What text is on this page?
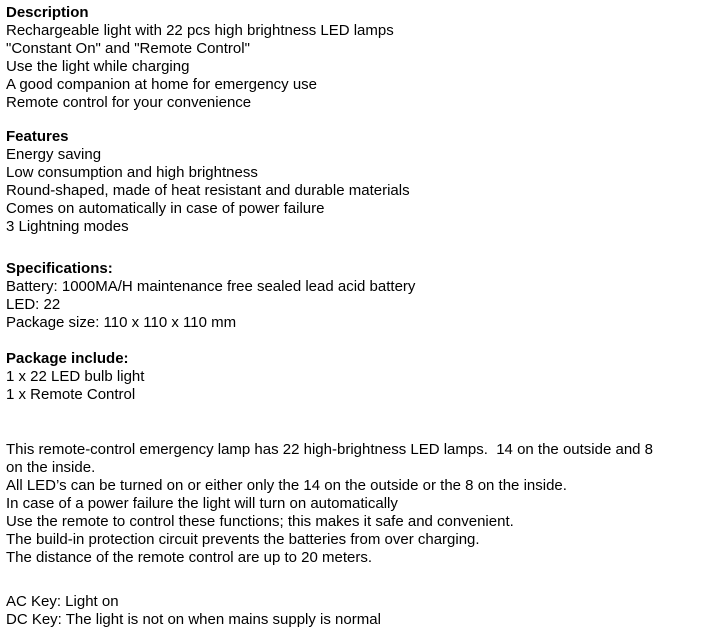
Description
Rechargeable light with 22 pcs high brightness LED lamps
"Constant On" and "Remote Control"
Use the light while charging
A good companion at home for emergency use
Remote control for your convenience
Features
Energy saving
Low consumption and high brightness
Round-shaped, made of heat resistant and durable materials
Comes on automatically in case of power failure
3 Lightning modes
Specifications:
Battery: 1000MA/H maintenance free sealed lead acid battery
LED: 22
Package size: 110 x 110 x 110 mm
Package include:
1 x 22 LED bulb light
1 x Remote Control
This remote-control emergency lamp has 22 high-brightness LED lamps.  14 on the outside and 8
on the inside.
All LED’s can be turned on or either only the 14 on the outside or the 8 on the inside.
In case of a power failure the light will turn on automatically
Use the remote to control these functions; this makes it safe and convenient.
The build-in protection circuit prevents the batteries from over charging.
The distance of the remote control are up to 20 meters.
AC Key: Light on
DC Key: The light is not on when mains supply is normal
